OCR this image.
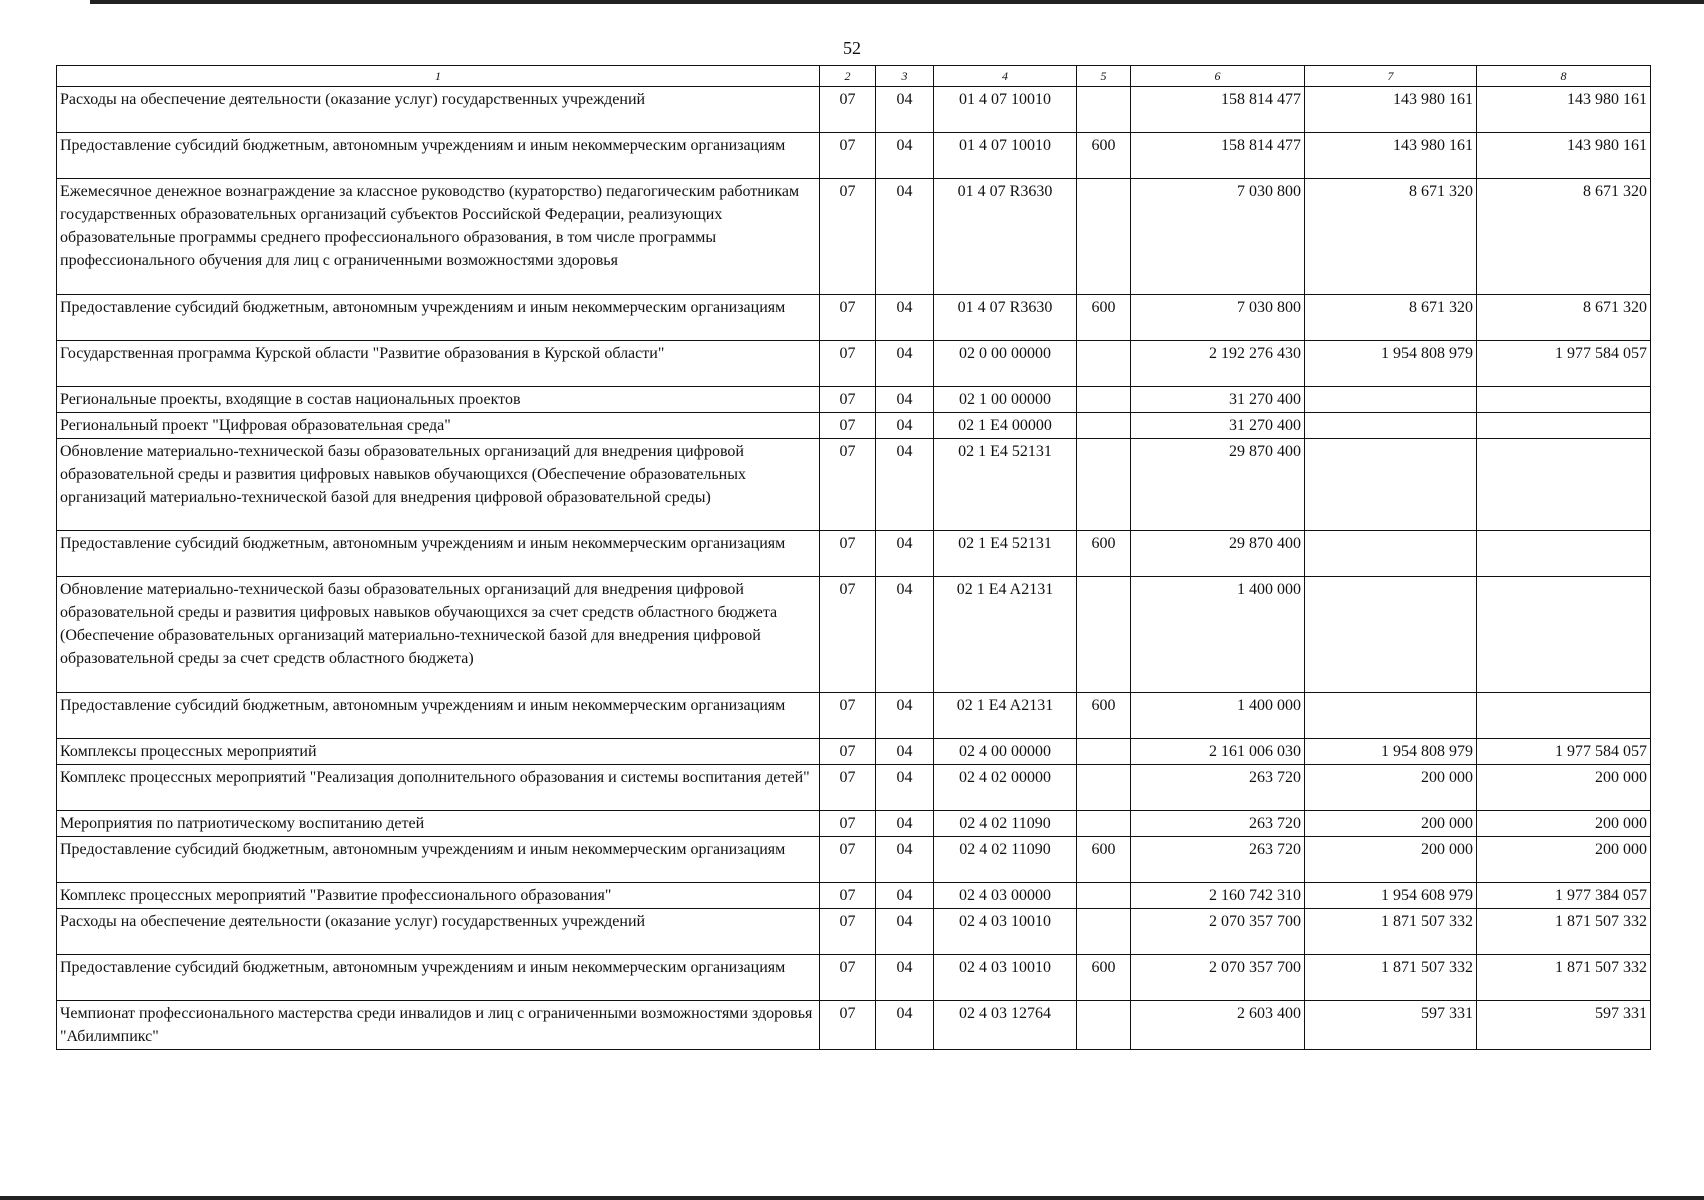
52
1	2	3	4	5	6	7	8
Расходы на обеспечение деятельности (оказание услуг) государственных учреждений	07	04	01 4 07 10010		158 814 477	143 980 161	143 980 161
Предоставление субсидий бюджетным, автономным учреждениям и иным некоммерческим организациям	07	04	01 4 07 10010	600	158 814 477	143 980 161	143 980 161
Ежемесячное денежное вознаграждение за классное руководство (кураторство) педагогическим работникам государственных образовательных организаций субъектов Российской Федерации, реализующих образовательные программы среднего профессионального образования, в том числе программы профессионального обучения для лиц с ограниченными возможностями здоровья	07	04	01 4 07 R3630		7 030 800	8 671 320	8 671 320
Предоставление субсидий бюджетным, автономным учреждениям и иным некоммерческим организациям	07	04	01 4 07 R3630	600	7 030 800	8 671 320	8 671 320
Государственная программа Курской области "Развитие образования в Курской области"	07	04	02 0 00 00000		2 192 276 430	1 954 808 979	1 977 584 057
Региональные проекты, входящие в состав национальных проектов	07	04	02 1 00 00000		31 270 400		
Региональный проект "Цифровая образовательная среда"	07	04	02 1 E4 00000		31 270 400		
Обновление материально-технической базы образовательных организаций для внедрения цифровой образовательной среды и развития цифровых навыков обучающихся (Обеспечение образовательных организаций материально-технической базой для внедрения цифровой образовательной среды)	07	04	02 1 E4 52131		29 870 400		
Предоставление субсидий бюджетным, автономным учреждениям и иным некоммерческим организациям	07	04	02 1 E4 52131	600	29 870 400		
Обновление материально-технической базы образовательных организаций для внедрения цифровой образовательной среды и развития цифровых навыков обучающихся за счет средств областного бюджета (Обеспечение образовательных организаций материально-технической базой для внедрения цифровой образовательной среды за счет средств областного бюджета)	07	04	02 1 E4 A2131		1 400 000		
Предоставление субсидий бюджетным, автономным учреждениям и иным некоммерческим организациям	07	04	02 1 E4 A2131	600	1 400 000		
Комплексы процессных мероприятий	07	04	02 4 00 00000		2 161 006 030	1 954 808 979	1 977 584 057
Комплекс процессных мероприятий "Реализация дополнительного образования и системы воспитания детей"	07	04	02 4 02 00000		263 720	200 000	200 000
Мероприятия по патриотическому воспитанию детей	07	04	02 4 02 11090		263 720	200 000	200 000
Предоставление субсидий бюджетным, автономным учреждениям и иным некоммерческим организациям	07	04	02 4 02 11090	600	263 720	200 000	200 000
Комплекс процессных мероприятий "Развитие профессионального образования"	07	04	02 4 03 00000		2 160 742 310	1 954 608 979	1 977 384 057
Расходы на обеспечение деятельности (оказание услуг) государственных учреждений	07	04	02 4 03 10010		2 070 357 700	1 871 507 332	1 871 507 332
Предоставление субсидий бюджетным, автономным учреждениям и иным некоммерческим организациям	07	04	02 4 03 10010	600	2 070 357 700	1 871 507 332	1 871 507 332
Чемпионат профессионального мастерства среди инвалидов и лиц с ограниченными возможностями здоровья "Абилимпикс"	07	04	02 4 03 12764		2 603 400	597 331	597 331
